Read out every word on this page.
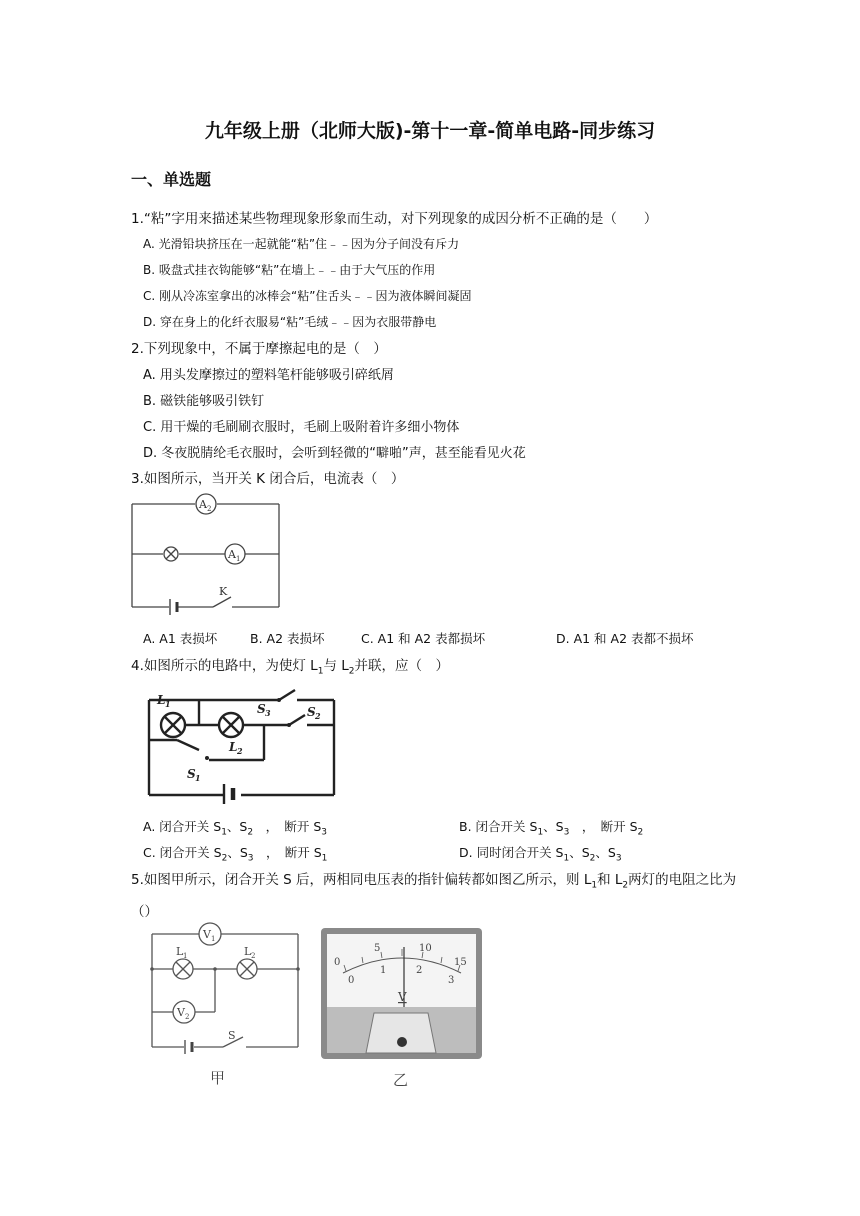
九年级上册（北师大版)-第十一章-简单电路-同步练习
一、单选题
1.“粘”字用来描述某些物理现象形象而生动，对下列现象的成因分析不正确的是（　　）
A. 光滑铅块挤压在一起就能“粘”住﹣﹣因为分子间没有斥力
B. 吸盘式挂衣钩能够“粘”在墙上﹣﹣由于大气压的作用
C. 刚从冷冻室拿出的冰棒会“粘”住舌头﹣﹣因为液体瞬间凝固
D. 穿在身上的化纤衣服易“粘”毛绒﹣﹣因为衣服带静电
2.下列现象中，不属于摩擦起电的是（　）
A. 用头发摩擦过的塑料笔杆能够吸引碎纸屑
B. 磁铁能够吸引铁钉
C. 用干燥的毛刷刷衣服时，毛刷上吸附着许多细小物体
D. 冬夜脱腈纶毛衣服时，会听到轻微的“噼啪”声，甚至能看见火花
3.如图所示，当开关 K 闭合后，电流表（　）
A 2
A 1
K
A. A1 表损坏	B. A2 表损坏	C. A1 和 A2 表都损坏	D. A1 和 A2 表都不损坏
4.如图所示的电路中，为使灯 $L_1$与 $L_2$并联，应（　）
L 1
L 2
S 3	S 2
S 1
A. 闭合开关 $S_1$、$S_2$　，　断开 $S_3$	B. 闭合开关 $S_1$、$S_3$　，　断开 $S_2$
C. 闭合开关 $S_2$、$S_3$　，　断开 $S_1$	D. 同时闭合开关 $S_1$、$S_2$、$S_3$
5.如图甲所示，闭合开关 S 后，两相同电压表的指针偏转都如图乙所示，则 $L_1$和 $L_2$两灯的电阻之比为（）
V 1
V 2
L 1	L 2
S
甲
0
5	10
15
0
1	2
3
V
乙
